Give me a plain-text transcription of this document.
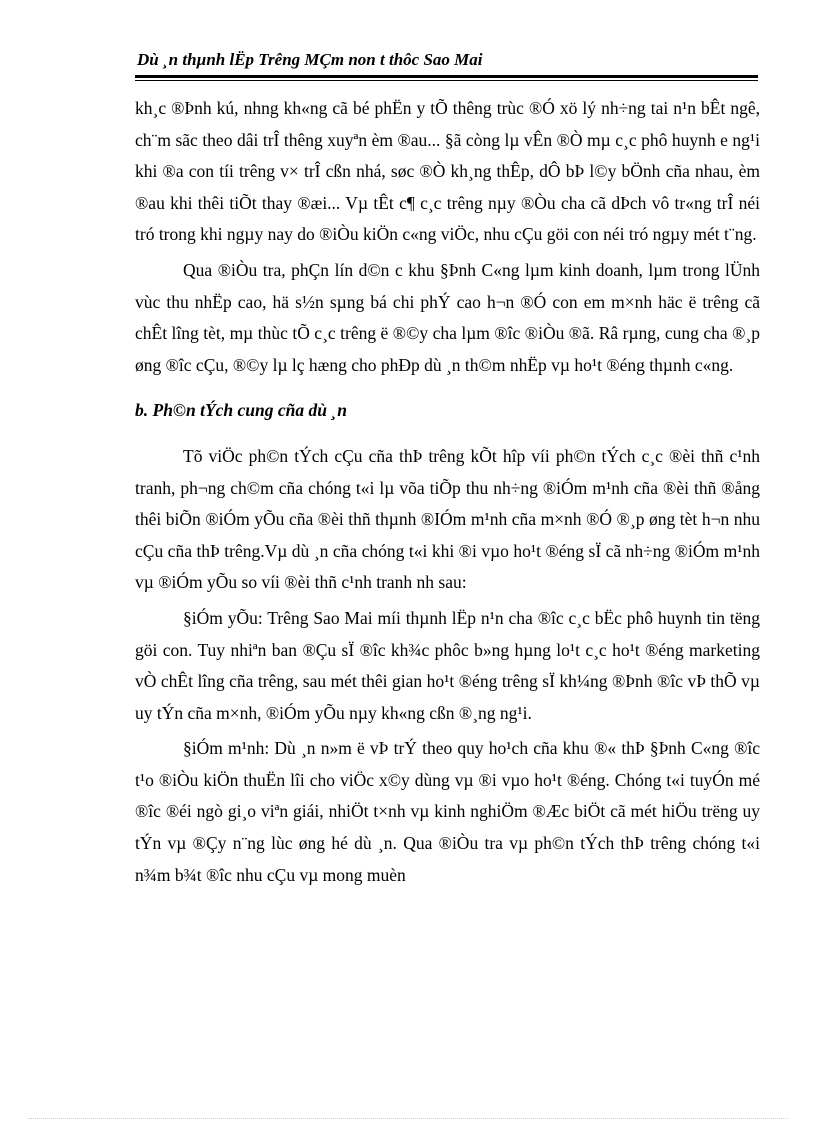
Dù ¸n thµnh lËp Trêng MÇm non t thôc Sao Mai

kh¸c ®Þnh kú, nhng kh«ng cã bé phËn y tÕ thêng trùc ®Ó xö lý nh÷ng tai n¹n bÊt ngê, ch¨m sãc theo dâi trÎ thêng xuyªn èm ®au... §ã còng lµ vÊn ®Ò mµ c¸c phô huynh e ng¹i khi ®a con tíi trêng v× trÎ cßn nhá, søc ®Ò kh¸ng thÊp, dÔ bÞ l©y bÖnh cña nhau, èm ®au khi thêi tiÕt thay ®æi... Vµ tÊt c¶ c¸c trêng nµy ®Òu cha cã dÞch vô tr«ng trÎ néi tró trong khi ngµy nay do ®iÒu kiÖn c«ng viÖc, nhu cÇu göi con néi tró ngµy mét t¨ng.

Qua ®iÒu tra, phÇn lín d©n c khu §Þnh C«ng lµm kinh doanh, lµm trong lÜnh vùc thu nhËp cao, hä s½n sµng bá chi phÝ cao h¬n ®Ó con em m×nh häc ë trêng cã chÊt lîng tèt, mµ thùc tÕ c¸c trêng ë ®©y cha lµm ®îc ®iÒu ®ã. Râ rµng, cung cha ®¸p øng ®îc cÇu, ®©y lµ lç hæng cho phÐp dù ¸n th©m nhËp vµ ho¹t ®éng thµnh c«ng.

b. Ph©n tÝch cung cña dù ¸n

Tõ viÖc ph©n tÝch cÇu cña thÞ trêng kÕt hîp víi ph©n tÝch c¸c ®èi thñ c¹nh tranh, ph¬ng ch©m cña chóng t«i lµ võa tiÕp thu nh÷ng ®iÓm m¹nh cña ®èi thñ ®ång thêi biÕn ®iÓm yÕu cña ®èi thñ thµnh ®IÓm m¹nh cña m×nh ®Ó ®¸p øng tèt h¬n nhu cÇu cña thÞ trêng.Vµ dù ¸n cña chóng t«i khi ®i vµo ho¹t ®éng sÏ cã nh÷ng ®iÓm m¹nh vµ ®iÓm yÕu so víi ®èi thñ c¹nh tranh nh sau:

§iÓm yÕu: Trêng Sao Mai míi thµnh lËp n¹n cha ®îc c¸c bËc phô huynh tin tëng göi con. Tuy nhiªn ban ®Çu sÏ ®îc kh¾c phôc b»ng hµng lo¹t c¸c ho¹t ®éng marketing vÒ chÊt lîng cña trêng, sau mét thêi gian ho¹t ®éng trêng sÏ kh¼ng ®Þnh ®îc vÞ thÕ vµ uy tÝn cña m×nh, ®iÓm yÕu nµy kh«ng cßn ®¸ng ng¹i.

§iÓm m¹nh: Dù ¸n n»m ë vÞ trÝ theo quy ho¹ch cña khu ®« thÞ §Þnh C«ng ®îc t¹o ®iÒu kiÖn thuËn lîi cho viÖc x©y dùng vµ ®i vµo ho¹t ®éng. Chóng t«i tuyÓn mé ®îc ®éi ngò gi¸o viªn giái, nhiÖt t×nh vµ kinh nghiÖm ®Æc biÖt cã mét hiÖu trëng uy tÝn vµ ®Çy n¨ng lùc øng hé dù ¸n. Qua ®iÒu tra vµ ph©n tÝch thÞ trêng chóng t«i n¾m b¾t ®îc nhu cÇu vµ mong muèn
